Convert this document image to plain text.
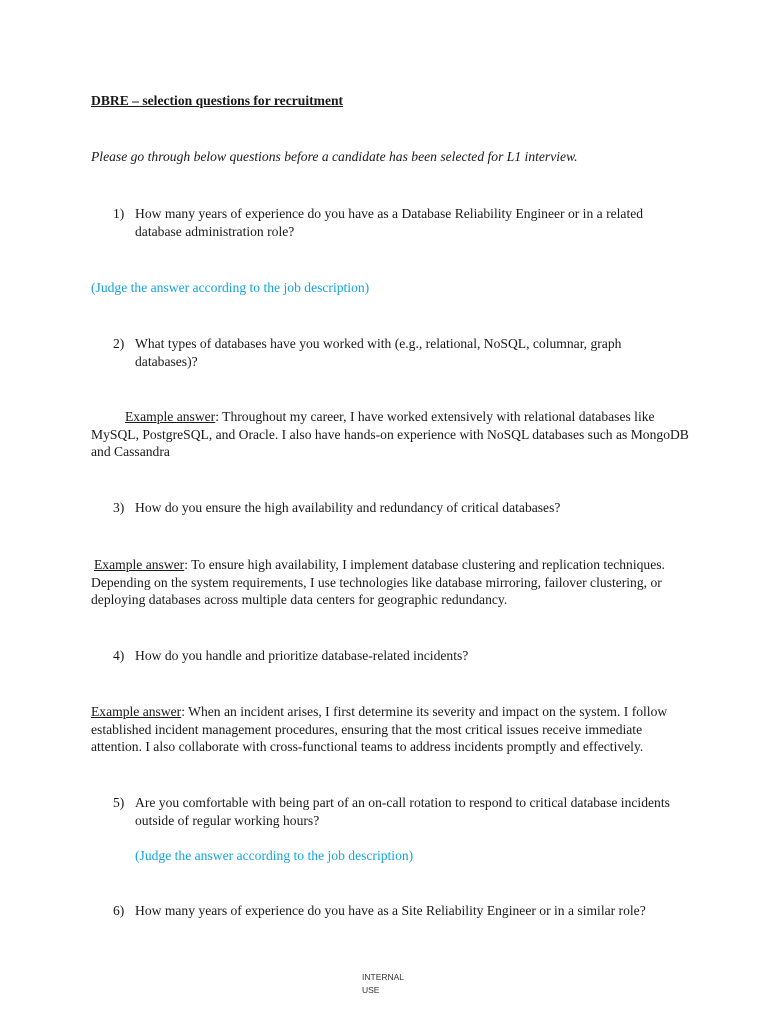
DBRE – selection questions for recruitment
Please go through below questions before a candidate has been selected for L1 interview.
1) How many years of experience do you have as a Database Reliability Engineer or in a related database administration role?
(Judge the answer according to the job description)
2) What types of databases have you worked with (e.g., relational, NoSQL, columnar, graph databases)?
Example answer: Throughout my career, I have worked extensively with relational databases like MySQL, PostgreSQL, and Oracle. I also have hands-on experience with NoSQL databases such as MongoDB and Cassandra
3) How do you ensure the high availability and redundancy of critical databases?
Example answer: To ensure high availability, I implement database clustering and replication techniques. Depending on the system requirements, I use technologies like database mirroring, failover clustering, or deploying databases across multiple data centers for geographic redundancy.
4) How do you handle and prioritize database-related incidents?
Example answer: When an incident arises, I first determine its severity and impact on the system. I follow established incident management procedures, ensuring that the most critical issues receive immediate attention. I also collaborate with cross-functional teams to address incidents promptly and effectively.
5) Are you comfortable with being part of an on-call rotation to respond to critical database incidents outside of regular working hours?
(Judge the answer according to the job description)
6) How many years of experience do you have as a Site Reliability Engineer or in a similar role?
INTERNAL
USE
